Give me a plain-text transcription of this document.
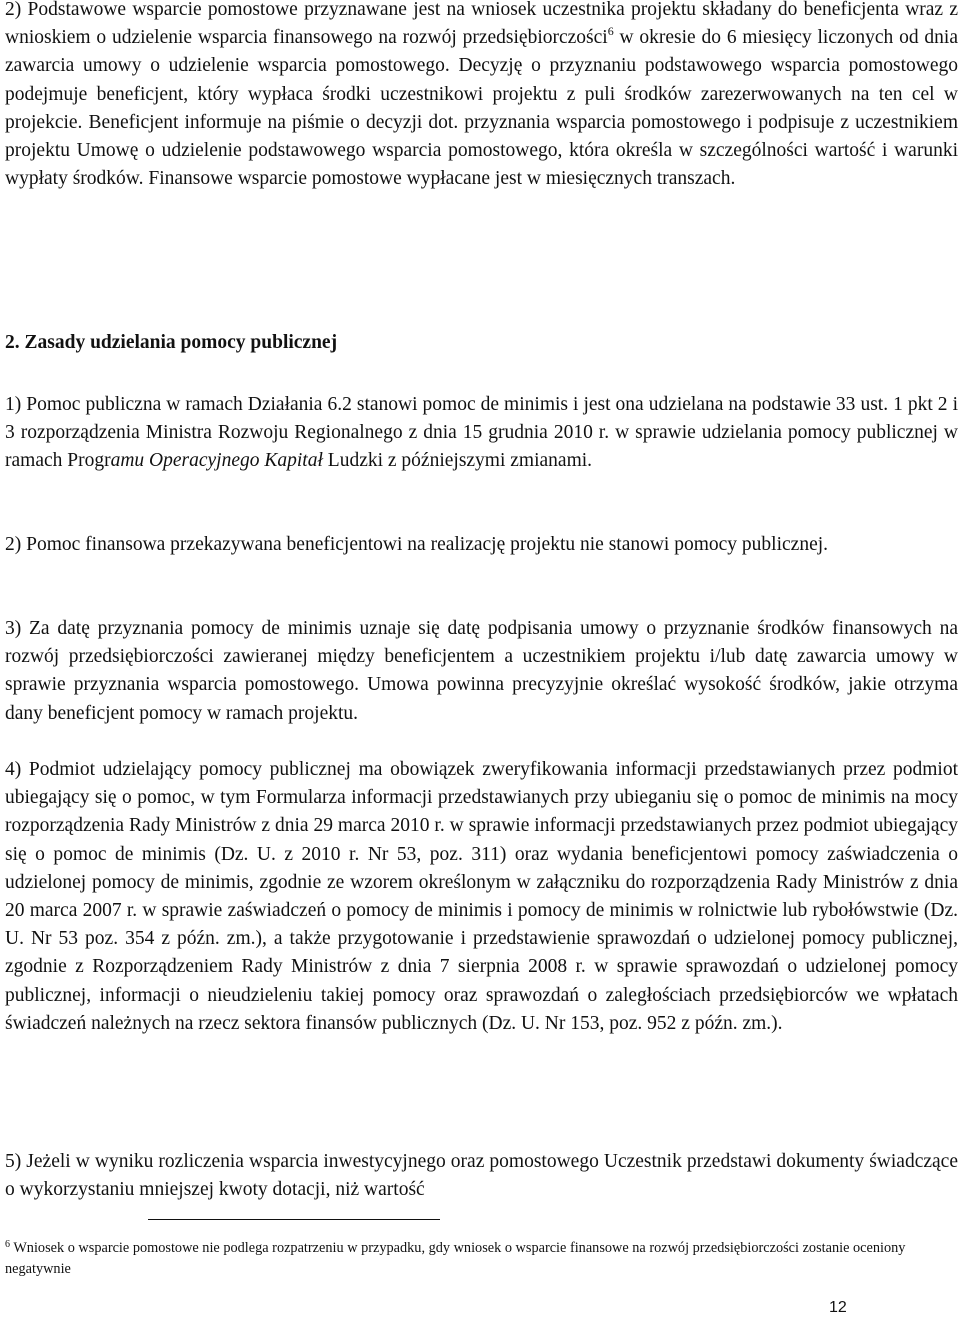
2) Podstawowe wsparcie pomostowe przyznawane jest na wniosek uczestnika projektu składany do beneficjenta wraz z wnioskiem o udzielenie wsparcia finansowego na rozwój przedsiębiorczości$^6$ w okresie do 6 miesięcy liczonych od dnia zawarcia umowy o udzielenie wsparcia pomostowego. Decyzję o przyznaniu podstawowego wsparcia pomostowego podejmuje beneficjent, który wypłaca środki uczestnikowi projektu z puli środków zarezerwowanych na ten cel w projekcie. Beneficjent informuje na piśmie o decyzji dot. przyznania wsparcia pomostowego i podpisuje z uczestnikiem projektu Umowę o udzielenie podstawowego wsparcia pomostowego, która określa w szczególności wartość i warunki wypłaty środków. Finansowe wsparcie pomostowe wypłacane jest w miesięcznych transzach.

2. Zasady udzielania pomocy publicznej

1) Pomoc publiczna w ramach Działania 6.2 stanowi pomoc de minimis i jest ona udzielana na podstawie 33 ust. 1 pkt 2 i 3 rozporządzenia Ministra Rozwoju Regionalnego z dnia 15 grudnia 2010 r. w sprawie udzielania pomocy publicznej w ramach Programu Operacyjnego Kapitał Ludzki z późniejszymi zmianami.

2) Pomoc finansowa przekazywana beneficjentowi na realizację projektu nie stanowi pomocy publicznej.

3) Za datę przyznania pomocy de minimis uznaje się datę podpisania umowy o przyznanie środków finansowych na rozwój przedsiębiorczości zawieranej między beneficjentem a uczestnikiem projektu i/lub datę zawarcia umowy w sprawie przyznania wsparcia pomostowego. Umowa powinna precyzyjnie określać wysokość środków, jakie otrzyma dany beneficjent pomocy w ramach projektu.

4) Podmiot udzielający pomocy publicznej ma obowiązek zweryfikowania informacji przedstawianych przez podmiot ubiegający się o pomoc, w tym Formularza informacji przedstawianych przy ubieganiu się o pomoc de minimis na mocy rozporządzenia Rady Ministrów z dnia 29 marca 2010 r. w sprawie informacji przedstawianych przez podmiot ubiegający się o pomoc de minimis (Dz. U. z 2010 r. Nr 53, poz. 311) oraz wydania beneficjentowi pomocy zaświadczenia o udzielonej pomocy de minimis, zgodnie ze wzorem określonym w załączniku do rozporządzenia Rady Ministrów z dnia 20 marca 2007 r. w sprawie zaświadczeń o pomocy de minimis i pomocy de minimis w rolnictwie lub rybołówstwie (Dz. U. Nr 53 poz. 354 z późn. zm.), a także przygotowanie i przedstawienie sprawozdań o udzielonej pomocy publicznej, zgodnie z Rozporządzeniem Rady Ministrów z dnia 7 sierpnia 2008 r. w sprawie sprawozdań o udzielonej pomocy publicznej, informacji o nieudzieleniu takiej pomocy oraz sprawozdań o zaległościach przedsiębiorców we wpłatach świadczeń należnych na rzecz sektora finansów publicznych (Dz. U. Nr 153, poz. 952 z późn. zm.).

5) Jeżeli w wyniku rozliczenia wsparcia inwestycyjnego oraz pomostowego Uczestnik przedstawi dokumenty świadczące o wykorzystaniu mniejszej kwoty dotacji, niż wartość

$^6$ Wniosek o wsparcie pomostowe nie podlega rozpatrzeniu w przypadku, gdy wniosek o wsparcie finansowe na rozwój przedsiębiorczości zostanie oceniony negatywnie

12
